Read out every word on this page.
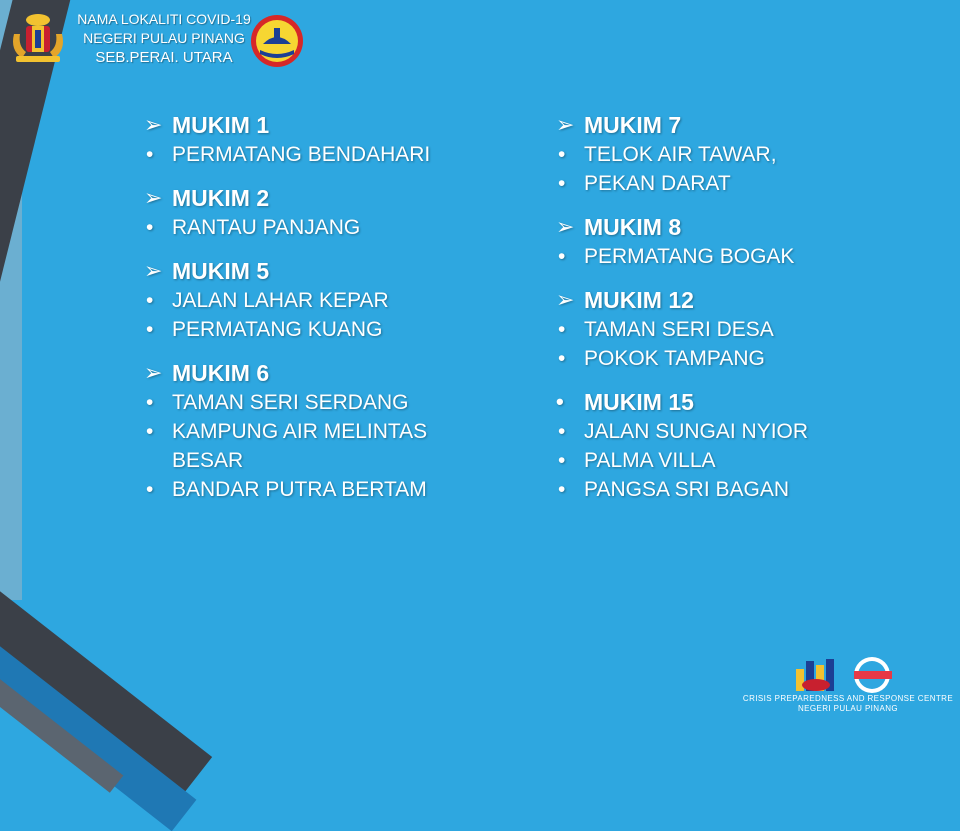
NAMA LOKALITI COVID-19
NEGERI PULAU PINANG
SEB.PERAI. UTARA
➢ MUKIM 1
• PERMATANG BENDAHARI
➢ MUKIM 2
• RANTAU PANJANG
➢ MUKIM 5
• JALAN LAHAR KEPAR
• PERMATANG KUANG
➢ MUKIM 6
• TAMAN SERI SERDANG
• KAMPUNG AIR MELINTAS BESAR
• BANDAR PUTRA BERTAM
➢ MUKIM 7
• TELOK AIR TAWAR,
• PEKAN DARAT
➢ MUKIM 8
• PERMATANG BOGAK
➢ MUKIM 12
• TAMAN SERI DESA
• POKOK TAMPANG
• MUKIM 15
• JALAN SUNGAI NYIOR
• PALMA VILLA
• PANGSA SRI BAGAN
CRISIS PREPAREDNESS AND RESPONSE CENTRE
NEGERI PULAU PINANG
